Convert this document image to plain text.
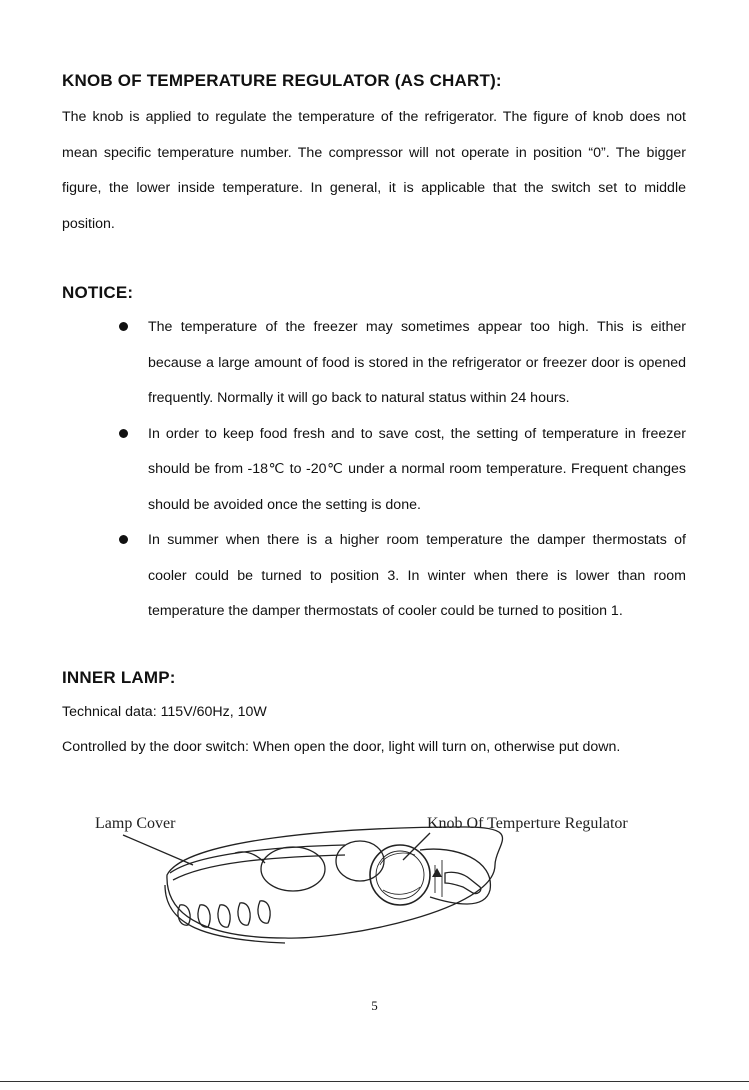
KNOB OF TEMPERATURE REGULATOR (AS CHART):

The knob is applied to regulate the temperature of the refrigerator. The figure of knob does not mean specific temperature number. The compressor will not operate in position “0”. The bigger figure, the lower inside temperature. In general, it is applicable that the switch set to middle position.

NOTICE:
The temperature of the freezer may sometimes appear too high. This is either because a large amount of food is stored in the refrigerator or freezer door is opened frequently. Normally it will go back to natural status within 24 hours.
In order to keep food fresh and to save cost, the setting of temperature in freezer should be from -18℃ to -20℃ under a normal room temperature. Frequent changes should be avoided once the setting is done.
In summer when there is a higher room temperature the damper thermostats of cooler could be turned to position 3. In winter when there is lower than room temperature the damper thermostats of cooler could be turned to position 1.
INNER LAMP:

Technical data: 115V/60Hz, 10W

Controlled by the door switch: When open the door, light will turn on, otherwise put down.

Lamp Cover	Knob Of Temperture Regulator
5
